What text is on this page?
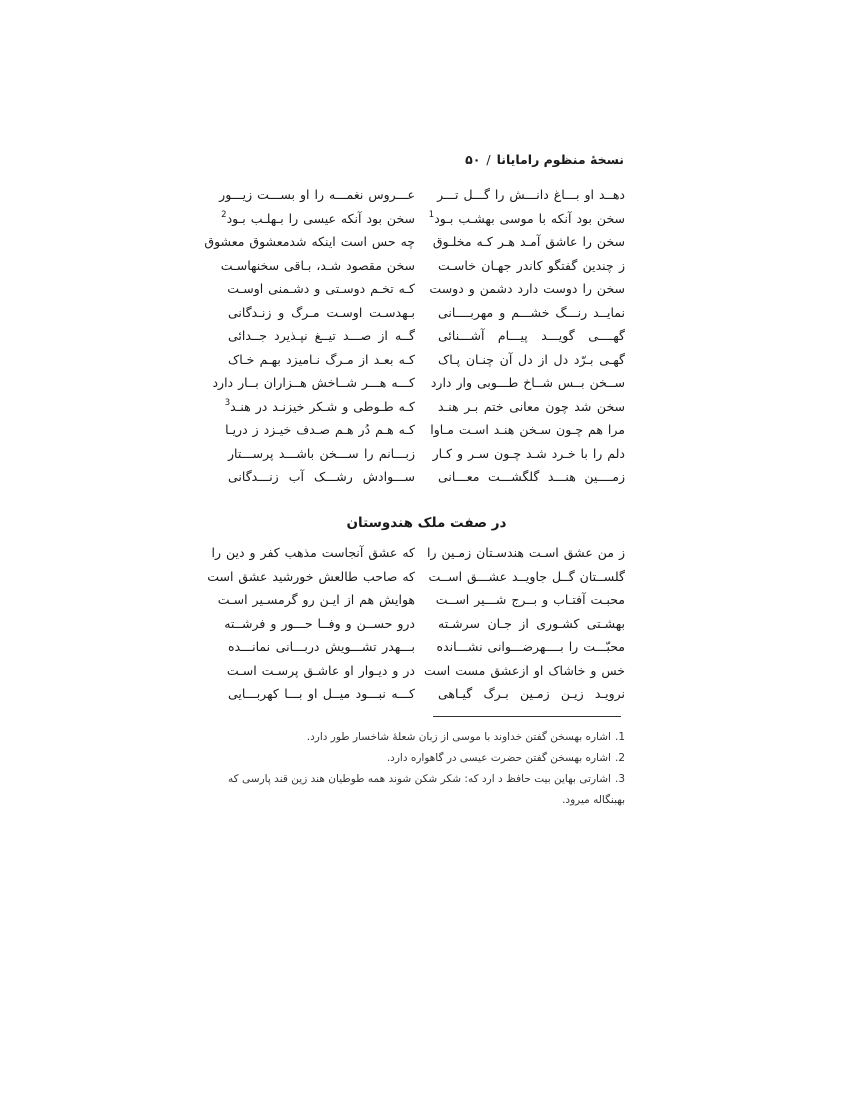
نسخهٔ منظوم رامایانا/۵۰
دهــد او بـــاغ دانـــش را گـــل تـــر
عـــروس نغمـــه را او بســـت زیـــور
سخن بود آنکه با موسی بهشـب بـود$^1$
سخن بود آنکه عیسی را بـهلـب بـود$^2$
سخن را عاشق آمـد هـر کـه مخلـوق
چه حس است اینکه شدمعشوق معشوق
ز چندین گفتگو کاندر جهـان خاسـت
سخن مقصود شـد، بـاقی سخنهاسـت
سخن را دوست دارد دشمن و دوست
کـه تخـم دوسـتی و دشـمنی اوسـت
نمایــد رنـــگ خشـــم و مهربــــانی
بـهدسـت اوسـت مـرگ و زنـدگانی
گهــــی گویـــد پیـــام آشـــنائی
گــه از صـــد تیــغ نپـذیرد جــدائی
گهـی بـرّد دل از دل آن چنـان پـاک
کـه بعـد از مـرگ نـامیزد بهـم خـاک
ســخن بــس شــاخ طـــوبی وار دارد
کـــه هـــر شــاخش هــزاران بــار دارد
سخن شد چون معانی ختم بـر هنـد
کـه طـوطی و شـکر خیزنـد در هنـد$^3$
مرا هم چـون سـخن هنـد اسـت مـاوا
کـه هـم دُر هـم صـدف خیـزد ز دریـا
دلم را با خـرد شـد چـون سـر و کـار
زبـــانم را ســـخن باشـــد پرســـتار
زمــــین هنـــد گلگشـــت معـــانی
ســـوادش رشـــک آب زنـــدگانی
در صفت ملک هندوستان
ز من عشق اسـت هندسـتان زمـین را
که عشق آنجاست مذهب کفر و دین را
گلســتان گــل جاویــد عشـــق اســت
که صاحب طالعش خورشید عشق است
محبـت آفتـاب و بــرج شـــیر اســت
هوایش هم از ایـن رو گرمسـیر اسـت
بهشـتی کشـوری از جـان سرشـته
درو حســن و وفــا حـــور و فرشــته
محبّـــت را بــــهرضـــوانی نشـــانده
بـــهدر تشـــویش دربـــانی نمانـــده
خس و خاشاک او ازعشق مست است
در و دیـوار او عاشـق پرسـت اسـت
نرویـد زیـن زمـین بـرگ گیـاهی
کـــه نبـــود میــل او بـــا کهربـــایی

1.اشاره بهسخن گفتن خداوند با موسی از زبان شعلهٔ شاخسار طور دارد.

2.اشاره بهسخن گفتن حضرت عیسی در گاهواره دارد.

3.اشارتی بهاین بیت حافظ د ارد که: شکر شکن شوند همه طوطیان هند زین قند پارسی که بهبنگاله میرود.
